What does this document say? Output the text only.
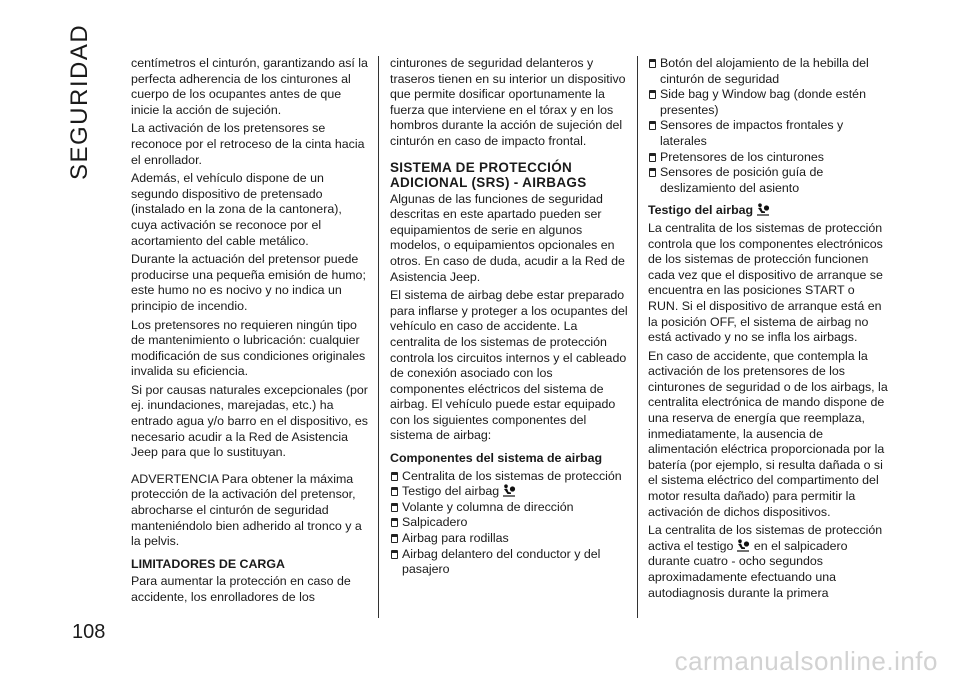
SEGURIDAD
108

centímetros el cinturón, garantizando así la perfecta adherencia de los cinturones al cuerpo de los ocupantes antes de que inicie la acción de sujeción.

La activación de los pretensores se reconoce por el retroceso de la cinta hacia el enrollador.

Además, el vehículo dispone de un segundo dispositivo de pretensado (instalado en la zona de la cantonera), cuya activación se reconoce por el acortamiento del cable metálico.

Durante la actuación del pretensor puede producirse una pequeña emisión de humo; este humo no es nocivo y no indica un principio de incendio.

Los pretensores no requieren ningún tipo de mantenimiento o lubricación: cualquier modificación de sus condiciones originales invalida su eficiencia.

Si por causas naturales excepcionales (por ej. inundaciones, marejadas, etc.) ha entrado agua y/o barro en el dispositivo, es necesario acudir a la Red de Asistencia Jeep para que lo sustituyan.

ADVERTENCIA Para obtener la máxima protección de la activación del pretensor, abrocharse el cinturón de seguridad manteniéndolo bien adherido al tronco y a la pelvis.

LIMITADORES DE CARGA

Para aumentar la protección en caso de accidente, los enrolladores de los

cinturones de seguridad delanteros y traseros tienen en su interior un dispositivo que permite dosificar oportunamente la fuerza que interviene en el tórax y en los hombros durante la acción de sujeción del cinturón en caso de impacto frontal.

SISTEMA DE PROTECCIÓN ADICIONAL (SRS) - AIRBAGS

Algunas de las funciones de seguridad descritas en este apartado pueden ser equipamientos de serie en algunos modelos, o equipamientos opcionales en otros. En caso de duda, acudir a la Red de Asistencia Jeep.

El sistema de airbag debe estar preparado para inflarse y proteger a los ocupantes del vehículo en caso de accidente. La centralita de los sistemas de protección controla los circuitos internos y el cableado de conexión asociado con los componentes eléctricos del sistema de airbag. El vehículo puede estar equipado con los siguientes componentes del sistema de airbag:

Componentes del sistema de airbag

Centralita de los sistemas de protección
Testigo del airbag
Volante y columna de dirección
Salpicadero
Airbag para rodillas
Airbag delantero del conductor y del pasajero
Botón del alojamiento de la hebilla del cinturón de seguridad
Side bag y Window bag (donde estén presentes)
Sensores de impactos frontales y laterales
Pretensores de los cinturones
Sensores de posición guía de deslizamiento del asiento

Testigo del airbag

La centralita de los sistemas de protección controla que los componentes electrónicos de los sistemas de protección funcionen cada vez que el dispositivo de arranque se encuentra en las posiciones START o RUN. Si el dispositivo de arranque está en la posición OFF, el sistema de airbag no está activado y no se infla los airbags.

En caso de accidente, que contempla la activación de los pretensores de los cinturones de seguridad o de los airbags, la centralita electrónica de mando dispone de una reserva de energía que reemplaza, inmediatamente, la ausencia de alimentación eléctrica proporcionada por la batería (por ejemplo, si resulta dañada o si el sistema eléctrico del compartimento del motor resulta dañado) para permitir la activación de dichos dispositivos.

La centralita de los sistemas de protección activa el testigo en el salpicadero durante cuatro - ocho segundos aproximadamente efectuando una autodiagnosis durante la primera

carmanualsonline.info
